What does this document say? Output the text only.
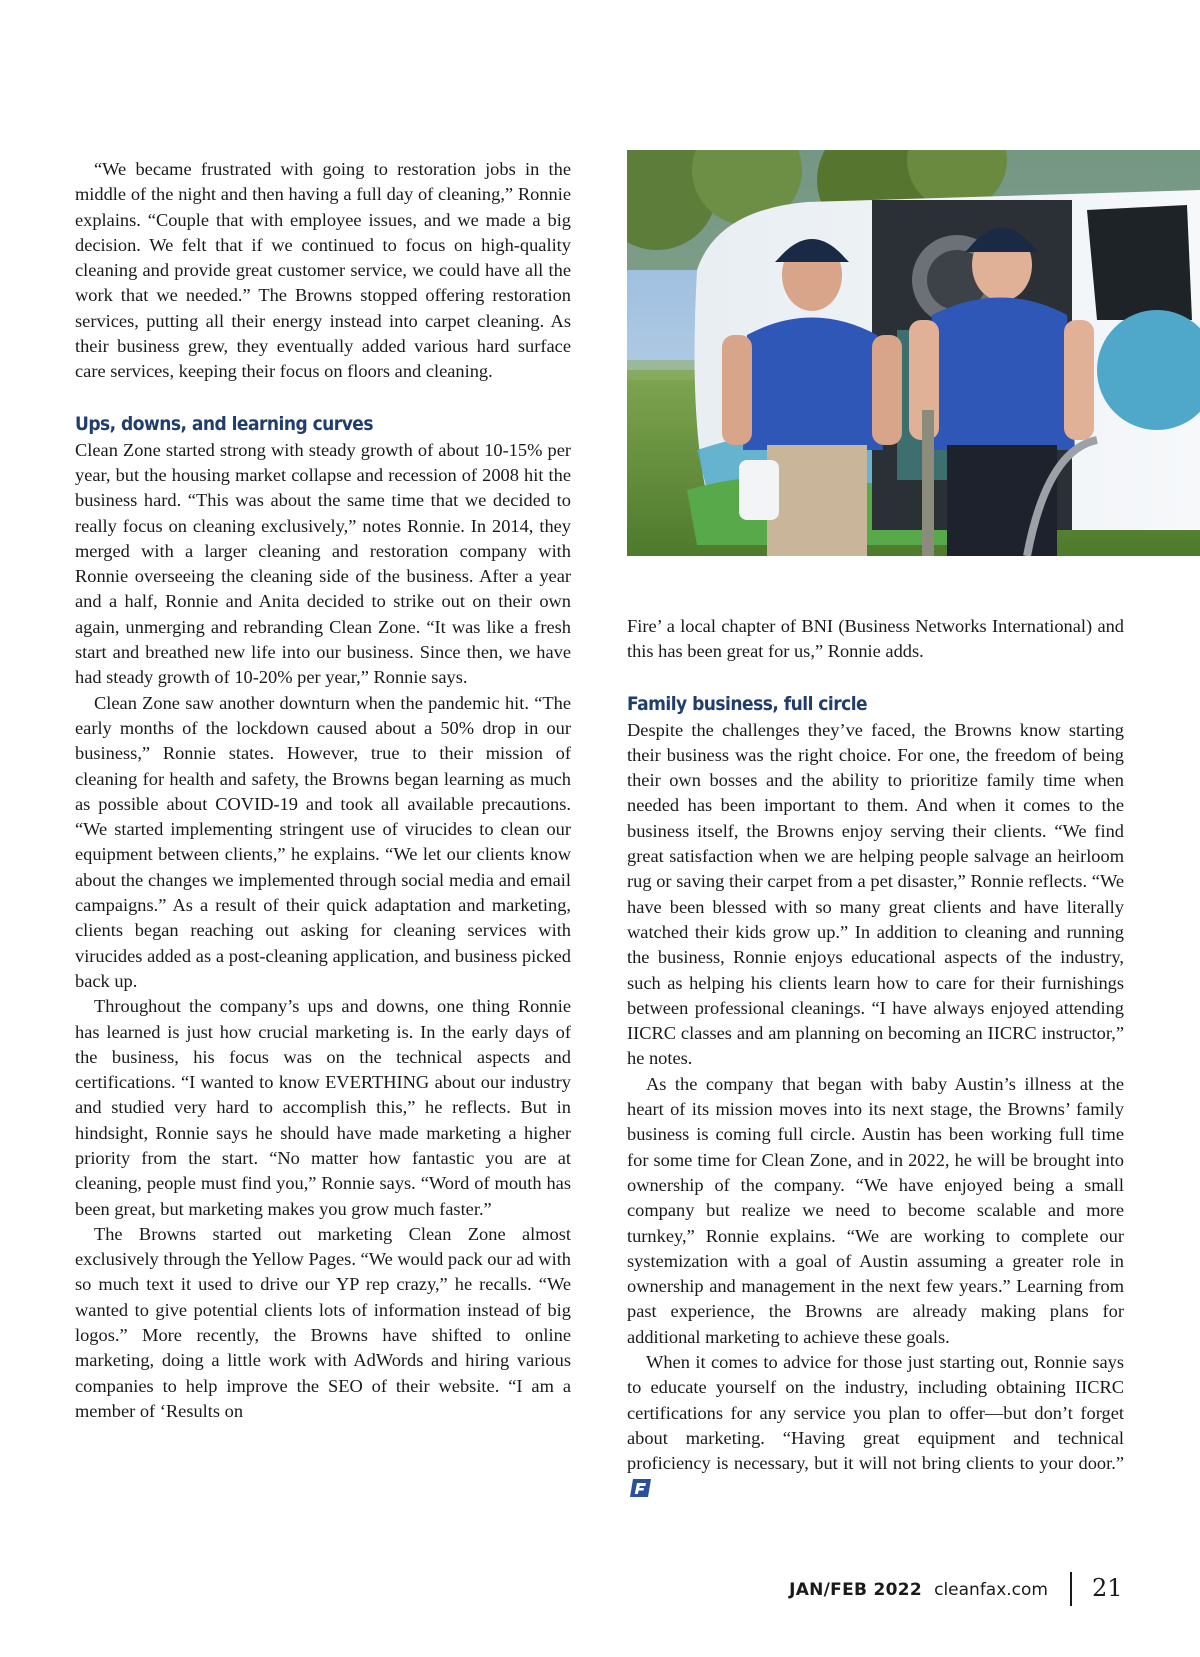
“We became frustrated with going to restoration jobs in the middle of the night and then having a full day of cleaning,” Ronnie explains. “Couple that with employee issues, and we made a big decision. We felt that if we continued to focus on high-quality cleaning and provide great customer service, we could have all the work that we needed.” The Browns stopped offering restoration services, putting all their energy instead into carpet cleaning. As their business grew, they eventually added various hard surface care services, keeping their focus on floors and cleaning.

Ups, downs, and learning curves

Clean Zone started strong with steady growth of about 10-15% per year, but the housing market collapse and recession of 2008 hit the business hard. “This was about the same time that we decided to really focus on cleaning exclusively,” notes Ronnie. In 2014, they merged with a larger cleaning and restoration company with Ronnie overseeing the cleaning side of the business. After a year and a half, Ronnie and Anita decided to strike out on their own again, unmerging and rebranding Clean Zone. “It was like a fresh start and breathed new life into our business. Since then, we have had steady growth of 10-20% per year,” Ronnie says.

Clean Zone saw another downturn when the pandemic hit. “The early months of the lockdown caused about a 50% drop in our business,” Ronnie states. However, true to their mission of cleaning for health and safety, the Browns began learning as much as possible about COVID-19 and took all available precautions. “We started implementing stringent use of virucides to clean our equipment between clients,” he explains. “We let our clients know about the changes we implemented through social media and email campaigns.” As a result of their quick adaptation and marketing, clients began reaching out asking for cleaning services with virucides added as a post-cleaning application, and business picked back up.

Throughout the company’s ups and downs, one thing Ronnie has learned is just how crucial marketing is. In the early days of the business, his focus was on the technical aspects and certifications. “I wanted to know EVERTHING about our industry and studied very hard to accomplish this,” he reflects. But in hindsight, Ronnie says he should have made marketing a higher priority from the start. “No matter how fantastic you are at cleaning, people must find you,” Ronnie says. “Word of mouth has been great, but marketing makes you grow much faster.”

The Browns started out marketing Clean Zone almost exclusively through the Yellow Pages. “We would pack our ad with so much text it used to drive our YP rep crazy,” he recalls. “We wanted to give potential clients lots of information instead of big logos.” More recently, the Browns have shifted to online marketing, doing a little work with AdWords and hiring various companies to help improve the SEO of their website. “I am a member of ‘Results on

Fire’ a local chapter of BNI (Business Networks International) and this has been great for us,” Ronnie adds.

Family business, full circle

Despite the challenges they’ve faced, the Browns know starting their business was the right choice. For one, the freedom of being their own bosses and the ability to prioritize family time when needed has been important to them. And when it comes to the business itself, the Browns enjoy serving their clients. “We find great satisfaction when we are helping people salvage an heirloom rug or saving their carpet from a pet disaster,” Ronnie reflects. “We have been blessed with so many great clients and have literally watched their kids grow up.” In addition to cleaning and running the business, Ronnie enjoys educational aspects of the industry, such as helping his clients learn how to care for their furnishings between professional cleanings. “I have always enjoyed attending IICRC classes and am planning on becoming an IICRC instructor,” he notes.

As the company that began with baby Austin’s illness at the heart of its mission moves into its next stage, the Browns’ family business is coming full circle. Austin has been working full time for some time for Clean Zone, and in 2022, he will be brought into ownership of the company. “We have enjoyed being a small company but realize we need to become scalable and more turnkey,” Ronnie explains. “We are working to complete our systemization with a goal of Austin assuming a greater role in ownership and management in the next few years.” Learning from past experience, the Browns are already making plans for additional marketing to achieve these goals.

When it comes to advice for those just starting out, Ronnie says to educate yourself on the industry, including obtaining IICRC certifications for any service you plan to offer—but don’t forget about marketing. “Having great equipment and technical proficiency is necessary, but it will not bring clients to your door.”

JAN/FEB 2022 cleanfax.com 21
